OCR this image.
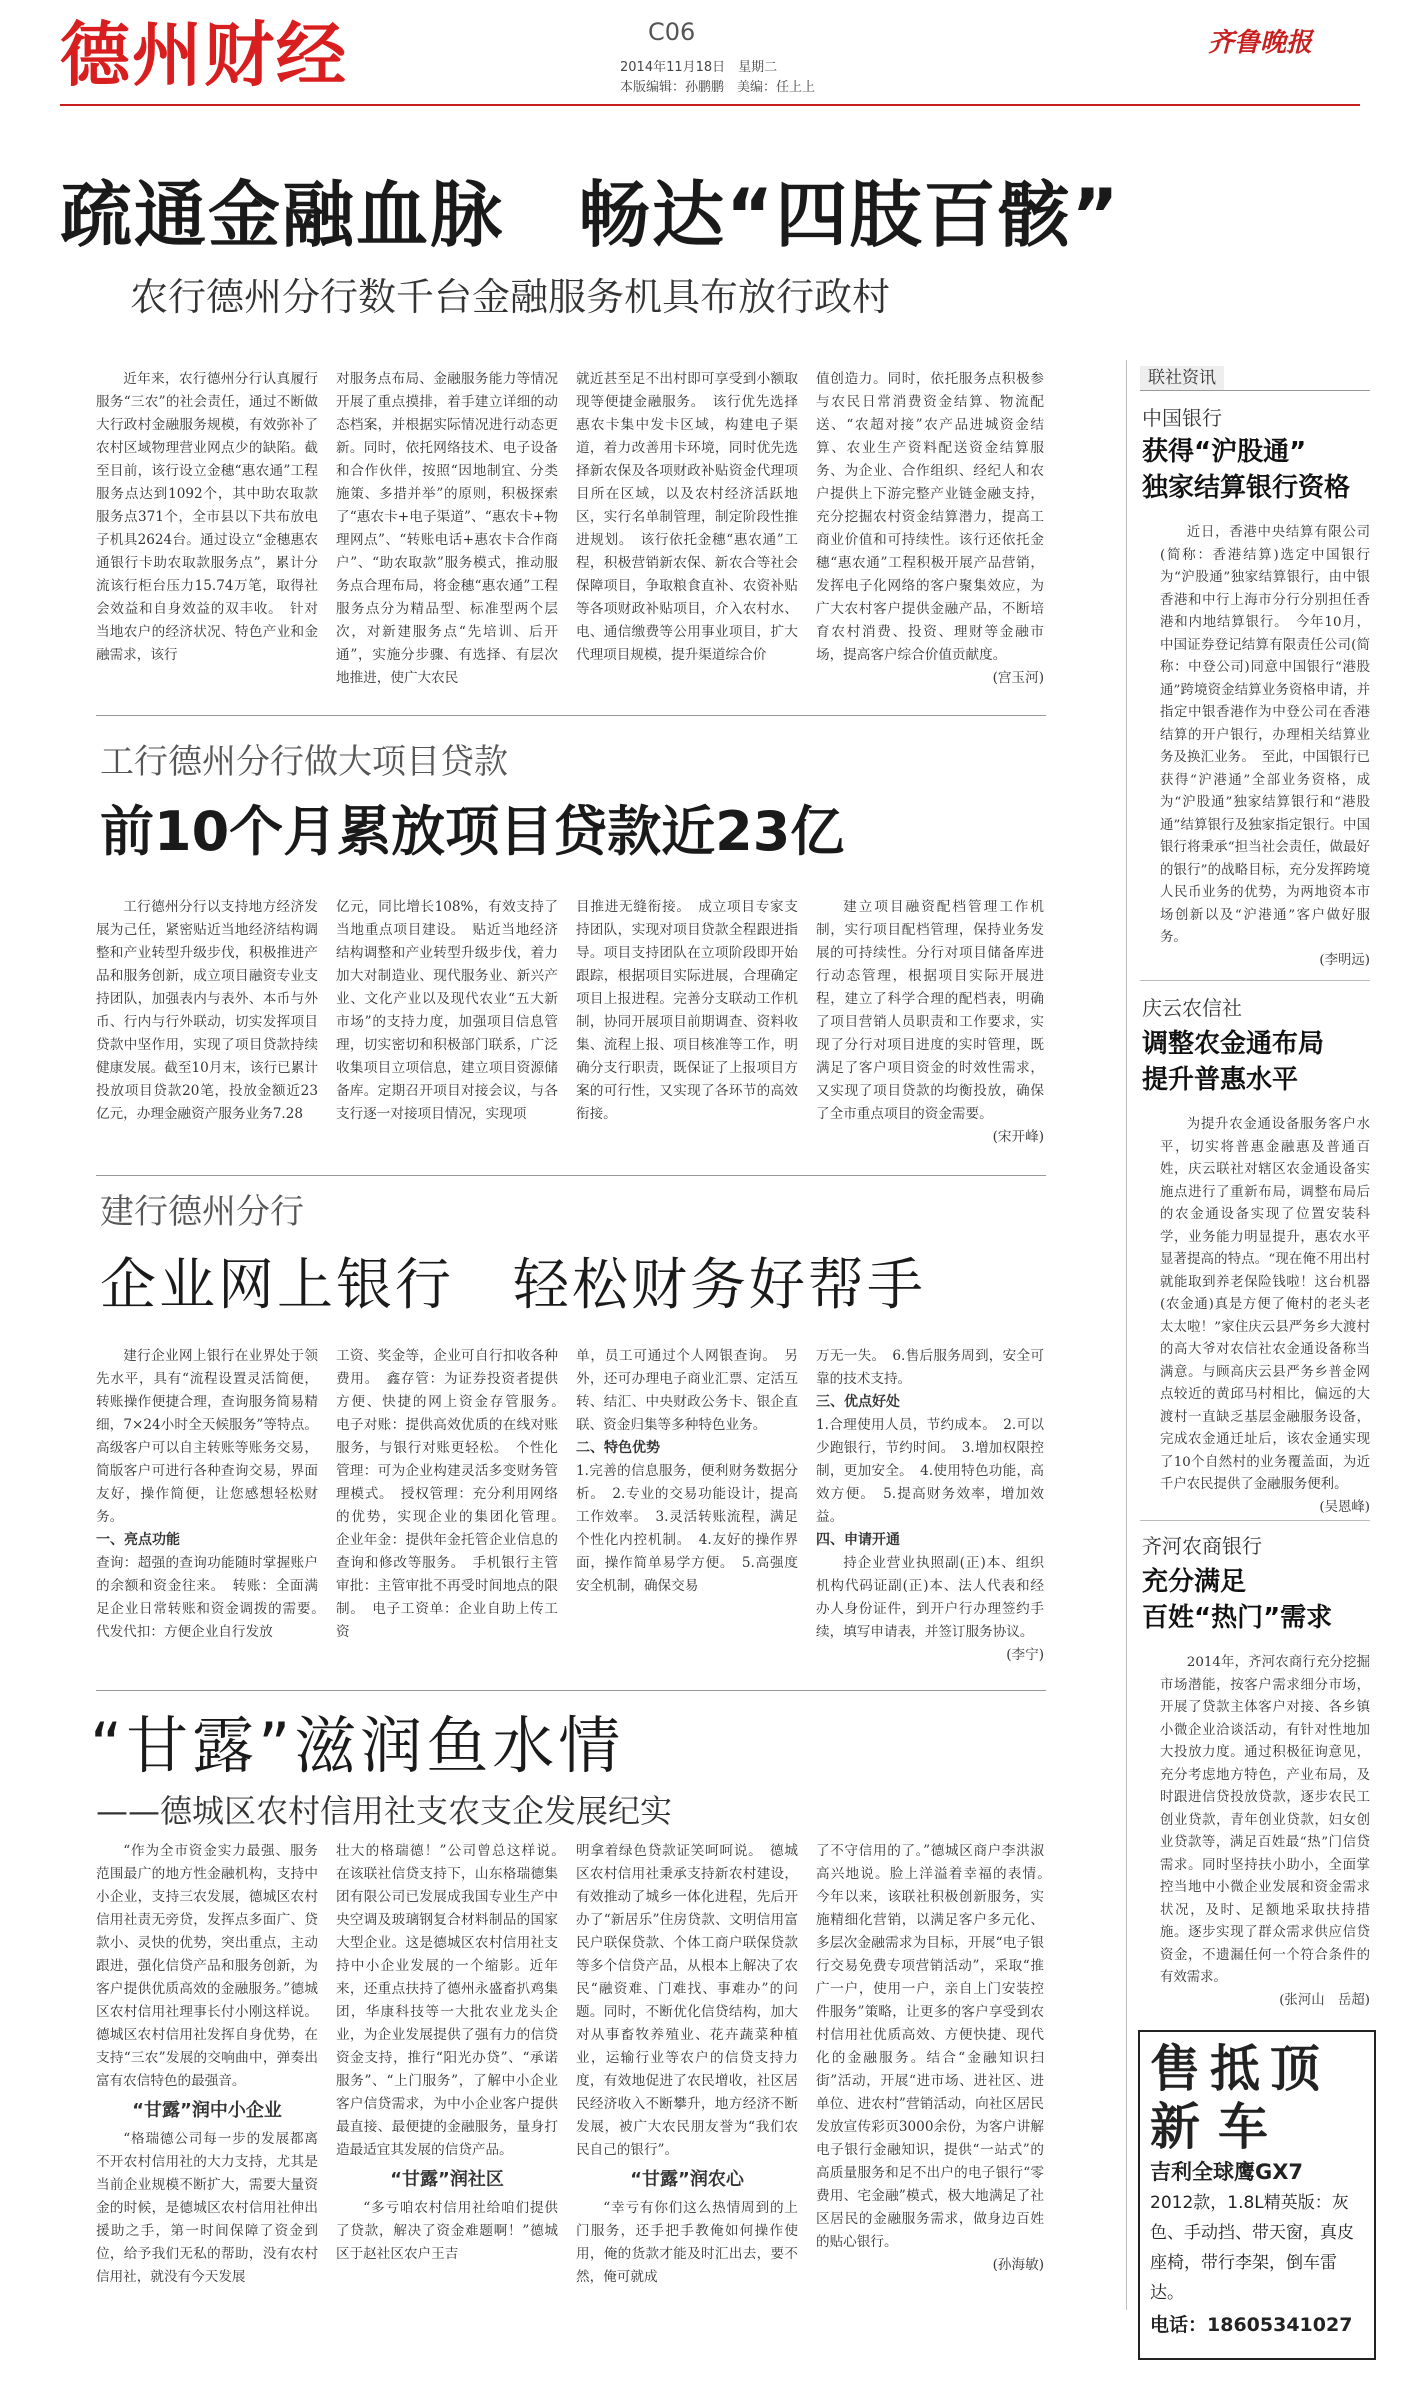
德州财经	C06
2014年11月18日　星期二
本版编辑：孙鹏鹏　美编：任上上
齐鲁晚报
疏通金融血脉　畅达“四肢百骸”
农行德州分行数千台金融服务机具布放行政村

近年来，农行德州分行认真履行服务“三农”的社会责任，通过不断做大行政村金融服务规模，有效弥补了农村区域物理营业网点少的缺陷。截至目前，该行设立金穗“惠农通”工程服务点达到1092个，其中助农取款服务点371个，全市县以下共布放电子机具2624台。通过设立“金穗惠农通银行卡助农取款服务点”，累计分流该行柜台压力15.74万笔，取得社会效益和自身效益的双丰收。　针对当地农户的经济状况、特色产业和金融需求，该行

对服务点布局、金融服务能力等情况开展了重点摸排，着手建立详细的动态档案，并根据实际情况进行动态更新。同时，依托网络技术、电子设备和合作伙伴，按照“因地制宜、分类施策、多措并举”的原则，积极探索了“惠农卡+电子渠道”、“惠农卡+物理网点”、“转账电话+惠农卡合作商户”、“助农取款”服务模式，推动服务点合理布局，将金穗“惠农通”工程服务点分为精品型、标准型两个层次，对新建服务点“先培训、后开通”，实施分步骤、有选择、有层次地推进，使广大农民

就近甚至足不出村即可享受到小额取现等便捷金融服务。　该行优先选择惠农卡集中发卡区域，构建电子渠道，着力改善用卡环境，同时优先选择新农保及各项财政补贴资金代理项目所在区域，以及农村经济活跃地区，实行名单制管理，制定阶段性推进规划。　该行依托金穗“惠农通”工程，积极营销新农保、新农合等社会保障项目，争取粮食直补、农资补贴等各项财政补贴项目，介入农村水、电、通信缴费等公用事业项目，扩大代理项目规模，提升渠道综合价

值创造力。同时，依托服务点积极参与农民日常消费资金结算、物流配送、“农超对接”农产品进城资金结算、农业生产资料配送资金结算服务、为企业、合作组织、经纪人和农户提供上下游完整产业链金融支持，充分挖掘农村资金结算潜力，提高工商业价值和可持续性。该行还依托金穗“惠农通”工程积极开展产品营销，发挥电子化网络的客户聚集效应，为广大农村客户提供金融产品，不断培育农村消费、投资、理财等金融市场，提高客户综合价值贡献度。

(宫玉河)

工行德州分行做大项目贷款
前10个月累放项目贷款近23亿

工行德州分行以支持地方经济发展为己任，紧密贴近当地经济结构调整和产业转型升级步伐，积极推进产品和服务创新，成立项目融资专业支持团队，加强表内与表外、本币与外币、行内与行外联动，切实发挥项目贷款中坚作用，实现了项目贷款持续健康发展。截至10月末，该行已累计投放项目贷款20笔，投放金额近23亿元，办理金融资产服务业务7.28

亿元，同比增长108%，有效支持了当地重点项目建设。　贴近当地经济结构调整和产业转型升级步伐，着力加大对制造业、现代服务业、新兴产业、文化产业以及现代农业“五大新市场”的支持力度，加强项目信息管理，切实密切和积极部门联系，广泛收集项目立项信息，建立项目资源储备库。定期召开项目对接会议，与各支行逐一对接项目情况，实现项

目推进无缝衔接。　成立项目专家支持团队，实现对项目贷款全程跟进指导。项目支持团队在立项阶段即开始跟踪，根据项目实际进展，合理确定项目上报进程。完善分支联动工作机制，协同开展项目前期调查、资料收集、流程上报、项目核准等工作，明确分支行职责，既保证了上报项目方案的可行性，又实现了各环节的高效衔接。

建立项目融资配档管理工作机制，实行项目配档管理，保持业务发展的可持续性。分行对项目储备库进行动态管理，根据项目实际开展进程，建立了科学合理的配档表，明确了项目营销人员职责和工作要求，实现了分行对项目进度的实时管理，既满足了客户项目资金的时效性需求，又实现了项目贷款的均衡投放，确保了全市重点项目的资金需要。

(宋开峰)

建行德州分行
企业网上银行　轻松财务好帮手

建行企业网上银行在业界处于领先水平，具有“流程设置灵活简便，转账操作便捷合理，查询服务简易精细，7×24小时全天候服务”等特点。高级客户可以自主转账等账务交易，简版客户可进行各种查询交易，界面友好，操作简便，让您感想轻松财务。

一、亮点功能

查询：超强的查询功能随时掌握账户的余额和资金往来。　转账：全面满足企业日常转账和资金调拨的需要。　代发代扣：方便企业自行发放

工资、奖金等，企业可自行扣收各种费用。　鑫存管：为证券投资者提供方便、快捷的网上资金存管服务。　电子对账：提供高效优质的在线对账服务，与银行对账更轻松。　个性化管理：可为企业构建灵活多变财务管理模式。　授权管理：充分利用网络的优势，实现企业的集团化管理。　企业年金：提供年金托管企业信息的查询和修改等服务。　手机银行主管审批：主管审批不再受时间地点的限制。　电子工资单：企业自助上传工资

单，员工可通过个人网银查询。　另外，还可办理电子商业汇票、定活互转、结汇、中央财政公务卡、银企直联、资金归集等多种特色业务。

二、特色优势

1.完善的信息服务，便利财务数据分析。　2.专业的交易功能设计，提高工作效率。　3.灵活转账流程，满足个性化内控机制。　4.友好的操作界面，操作简单易学方便。　5.高强度安全机制，确保交易

万无一失。　6.售后服务周到，安全可靠的技术支持。

三、优点好处

1.合理使用人员，节约成本。　2.可以少跑银行，节约时间。　3.增加权限控制，更加安全。　4.使用特色功能，高效方便。　5.提高财务效率，增加效益。

四、申请开通

持企业营业执照副(正)本、组织机构代码证副(正)本、法人代表和经办人身份证件，到开户行办理签约手续，填写申请表，并签订服务协议。

(李宁)

“甘露”滋润鱼水情
——德城区农村信用社支农支企发展纪实

“作为全市资金实力最强、服务范围最广的地方性金融机构，支持中小企业，支持三农发展，德城区农村信用社责无旁贷，发挥点多面广、贷款小、灵快的优势，突出重点，主动跟进，强化信贷产品和服务创新，为客户提供优质高效的金融服务。”德城区农村信用社理事长付小刚这样说。德城区农村信用社发挥自身优势，在支持“三农”发展的交响曲中，弹奏出富有农信特色的最强音。

“甘露”润中小企业

“格瑞德公司每一步的发展都离不开农村信用社的大力支持，尤其是当前企业规模不断扩大，需要大量资金的时候，是德城区农村信用社伸出援助之手，第一时间保障了资金到位，给予我们无私的帮助，没有农村信用社，就没有今天发展

壮大的格瑞德！”公司曾总这样说。　在该联社信贷支持下，山东格瑞德集团有限公司已发展成我国专业生产中央空调及玻璃钢复合材料制品的国家大型企业。这是德城区农村信用社支持中小企业发展的一个缩影。近年来，还重点扶持了德州永盛畜扒鸡集团，华康科技等一大批农业龙头企业，为企业发展提供了强有力的信贷资金支持，推行“阳光办贷”、“承诺服务”、“上门服务”，了解中小企业客户信贷需求，为中小企业客户提供最直接、最便捷的金融服务，量身打造最适宜其发展的信贷产品。

“甘露”润社区

“多亏咱农村信用社给咱们提供了贷款，解决了资金难题啊！”德城区于赵社区农户王吉

明拿着绿色贷款证笑呵呵说。　德城区农村信用社秉承支持新农村建设，有效推动了城乡一体化进程，先后开办了“新居乐”住房贷款、文明信用富民户联保贷款、个体工商户联保贷款等多个信贷产品，从根本上解决了农民“融资难、门难找、事难办”的问题。同时，不断优化信贷结构，加大对从事畜牧养殖业、花卉蔬菜种植业，运输行业等农户的信贷支持力度，有效地促进了农民增收，社区居民经济收入不断攀升，地方经济不断发展，被广大农民朋友誉为“我们农民自己的银行”。

“甘露”润农心

“幸亏有你们这么热情周到的上门服务，还手把手教俺如何操作使用，俺的货款才能及时汇出去，要不然，俺可就成

了不守信用的了。”德城区商户李洪淑高兴地说。脸上洋溢着幸福的表情。　今年以来，该联社积极创新服务，实施精细化营销，以满足客户多元化、多层次金融需求为目标，开展“电子银行交易免费专项营销活动”，采取“推广一户，使用一户，亲自上门安装控件服务”策略，让更多的客户享受到农村信用社优质高效、方便快捷、现代化的金融服务。结合“金融知识扫街”活动，开展“进市场、进社区、进单位、进农村”营销活动，向社区居民发放宣传彩页3000余份，为客户讲解电子银行金融知识，提供“一站式”的高质量服务和足不出户的电子银行“零费用、宅金融”模式，极大地满足了社区居民的金融服务需求，做身边百姓的贴心银行。

(孙海敏)

联社资讯
中国银行
获得“沪股通”
独家结算银行资格

近日，香港中央结算有限公司(简称：香港结算)选定中国银行为“沪股通”独家结算银行，由中银香港和中行上海市分行分别担任香港和内地结算银行。　今年10月，中国证券登记结算有限责任公司(简称：中登公司)同意中国银行“港股通”跨境资金结算业务资格申请，并指定中银香港作为中登公司在香港结算的开户银行，办理相关结算业务及换汇业务。　至此，中国银行已获得“沪港通”全部业务资格，成为“沪股通”独家结算银行和“港股通”结算银行及独家指定银行。中国银行将秉承“担当社会责任，做最好的银行”的战略目标，充分发挥跨境人民币业务的优势，为两地资本市场创新以及“沪港通”客户做好服务。

(李明远)

庆云农信社
调整农金通布局
提升普惠水平

为提升农金通设备服务客户水平，切实将普惠金融惠及普通百姓，庆云联社对辖区农金通设备实施点进行了重新布局，调整布局后的农金通设备实现了位置安装科学，业务能力明显提升，惠农水平显著提高的特点。“现在俺不用出村就能取到养老保险钱啦！这台机器(农金通)真是方便了俺村的老头老太太啦！”家住庆云县严务乡大渡村的高大爷对农信社农金通设备称当满意。与顾高庆云县严务乡普金网点较近的黄邱马村相比，偏远的大渡村一直缺乏基层金融服务设备，完成农金通迁址后，该农金通实现了10个自然村的业务覆盖面，为近千户农民提供了金融服务便利。

(吴恩峰)

齐河农商银行
充分满足
百姓“热门”需求

2014年，齐河农商行充分挖掘市场潜能，按客户需求细分市场，开展了贷款主体客户对接、各乡镇小微企业洽谈活动，有针对性地加大投放力度。通过积极征询意见，充分考虑地方特色，产业布局，及时跟进信贷投放贷款，逐步农民工创业贷款，青年创业贷款，妇女创业贷款等，满足百姓最“热”门信贷需求。同时坚持扶小助小，全面掌控当地中小微企业发展和资金需求状况，及时、足额地采取扶持措施。逐步实现了群众需求供应信贷资金，不遗漏任何一个符合条件的有效需求。

(张河山　岳超)

售抵顶
新车
吉利全球鹰GX7
2012款，1.8L精英版：灰色、手动挡、带天窗，真皮座椅，带行李架，倒车雷达。
电话：18605341027
